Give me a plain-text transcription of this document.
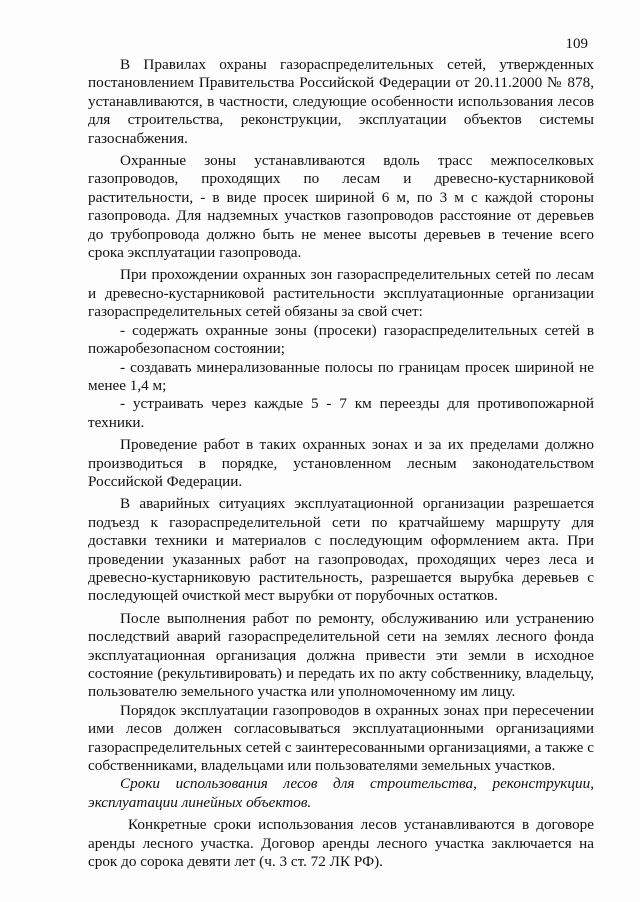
109

В Правилах охраны газораспределительных сетей, утвержденных постановлением Правительства Российской Федерации от 20.11.2000 № 878, устанавливаются, в частности, следующие особенности использования лесов для строительства, реконструкции, эксплуатации объектов системы газоснабжения.

Охранные зоны устанавливаются вдоль трасс межпоселковых газопроводов, проходящих по лесам и древесно-кустарниковой растительности, - в виде просек шириной 6 м, по 3 м с каждой стороны газопровода. Для надземных участков газопроводов расстояние от деревьев до трубопровода должно быть не менее высоты деревьев в течение всего срока эксплуатации газопровода.

При прохождении охранных зон газораспределительных сетей по лесам и древесно-кустарниковой растительности эксплуатационные организации газораспределительных сетей обязаны за свой счет:

- содержать охранные зоны (просеки) газораспределительных сетей в пожаробезопасном состоянии;

- создавать минерализованные полосы по границам просек шириной не менее 1,4 м;

- устраивать через каждые 5 - 7 км переезды для противопожарной техники.

Проведение работ в таких охранных зонах и за их пределами должно производиться в порядке, установленном лесным законодательством Российской Федерации.

В аварийных ситуациях эксплуатационной организации разрешается подъезд к газораспределительной сети по кратчайшему маршруту для доставки техники и материалов с последующим оформлением акта. При проведении указанных работ на газопроводах, проходящих через леса и древесно-кустарниковую растительность, разрешается вырубка деревьев с последующей очисткой мест вырубки от порубочных остатков.

После выполнения работ по ремонту, обслуживанию или устранению последствий аварий газораспределительной сети на землях лесного фонда эксплуатационная организация должна привести эти земли в исходное состояние (рекультивировать) и передать их по акту собственнику, владельцу, пользователю земельного участка или уполномоченному им лицу.

Порядок эксплуатации газопроводов в охранных зонах при пересечении ими лесов должен согласовываться эксплуатационными организациями газораспределительных сетей с заинтересованными организациями, а также с собственниками, владельцами или пользователями земельных участков.

Сроки использования лесов для строительства, реконструкции, эксплуатации линейных объектов.

Конкретные сроки использования лесов устанавливаются в договоре аренды лесного участка. Договор аренды лесного участка заключается на срок до сорока девяти лет (ч. 3 ст. 72 ЛК РФ).
